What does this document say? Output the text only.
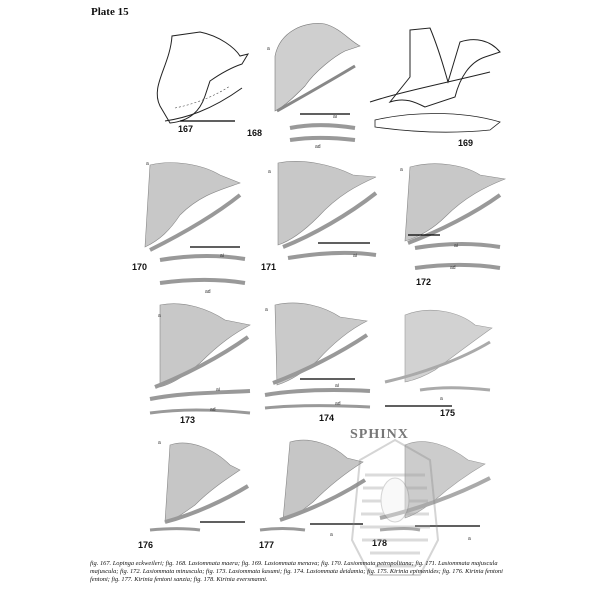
Plate 15
167
a
ai
ad
168
169
a
ai
ad
170
a
ai
171
a
ai
ad
172
a
ai
ad
173
a
ai
ad
174
a
175
a
176
a
177
a
178
SPHINX
fig. 167. Lopinga eckweileri; fig. 168. Lasiommata maera; fig. 169. Lasiommata menava; fig. 170. Lasiommata petropolitana; fig. 171. Lasiommata majuscula majuscula; fig. 172. Lasiommata minuscula; fig. 173. Lasiommata kasumi; fig. 174. Lasiommata deidamia; fig. 175. Kirinia epimenides; fig. 176. Kirinia fentoni fentoni; fig. 177. Kirinia fentoni sanzia; fig. 178. Kirinia eversmanni.
